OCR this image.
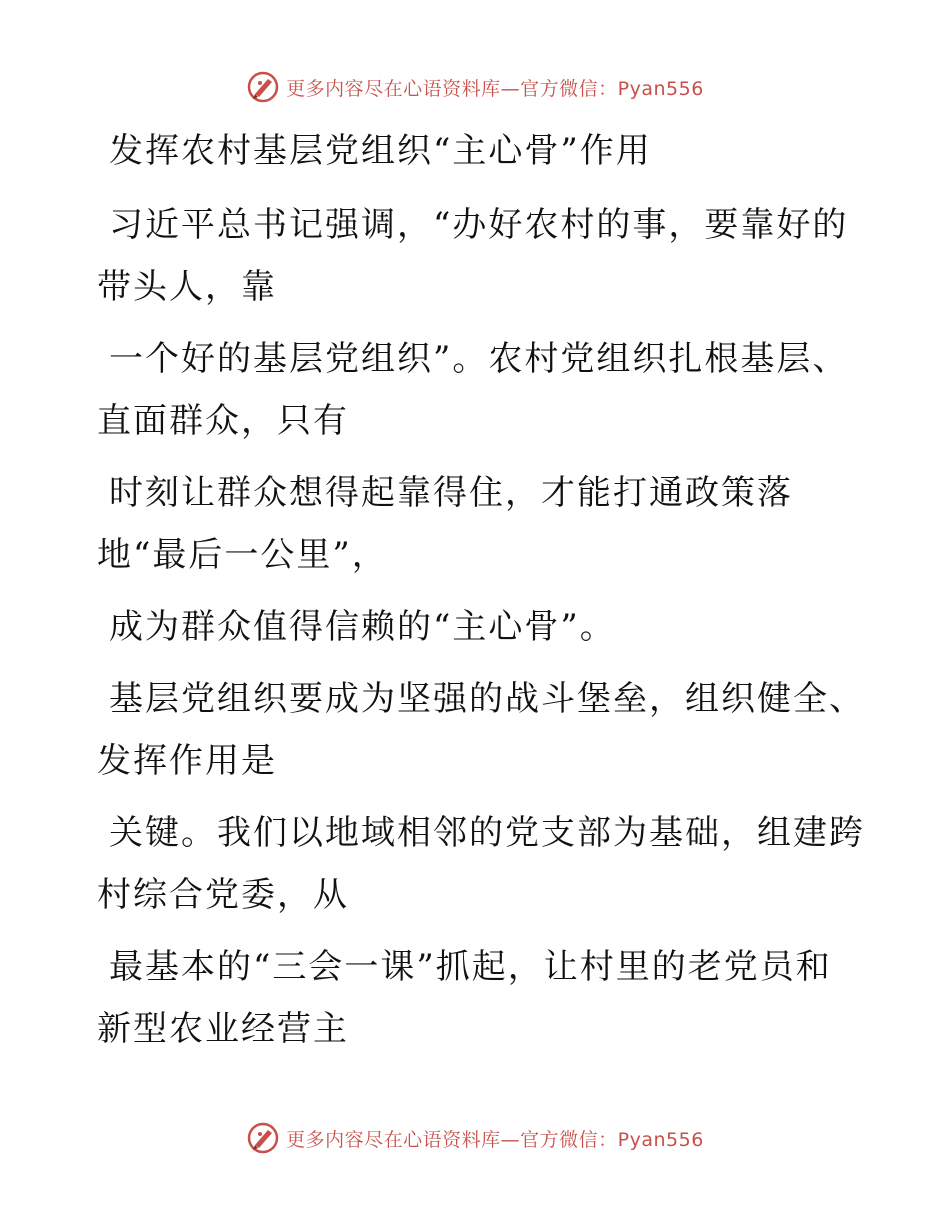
更多内容尽在心语资料库—官方微信：Pyan556

发挥农村基层党组织“主心骨”作用

习近平总书记强调，“办好农村的事，要靠好的
带头人，靠

一个好的基层党组织”。农村党组织扎根基层、
直面群众，只有

时刻让群众想得起靠得住，才能打通政策落
地“最后一公里”，

成为群众值得信赖的“主心骨”。

基层党组织要成为坚强的战斗堡垒，组织健全、
发挥作用是

关键。我们以地域相邻的党支部为基础，组建跨
村综合党委，从

最基本的“三会一课”抓起，让村里的老党员和
新型农业经营主

更多内容尽在心语资料库—官方微信：Pyan556
